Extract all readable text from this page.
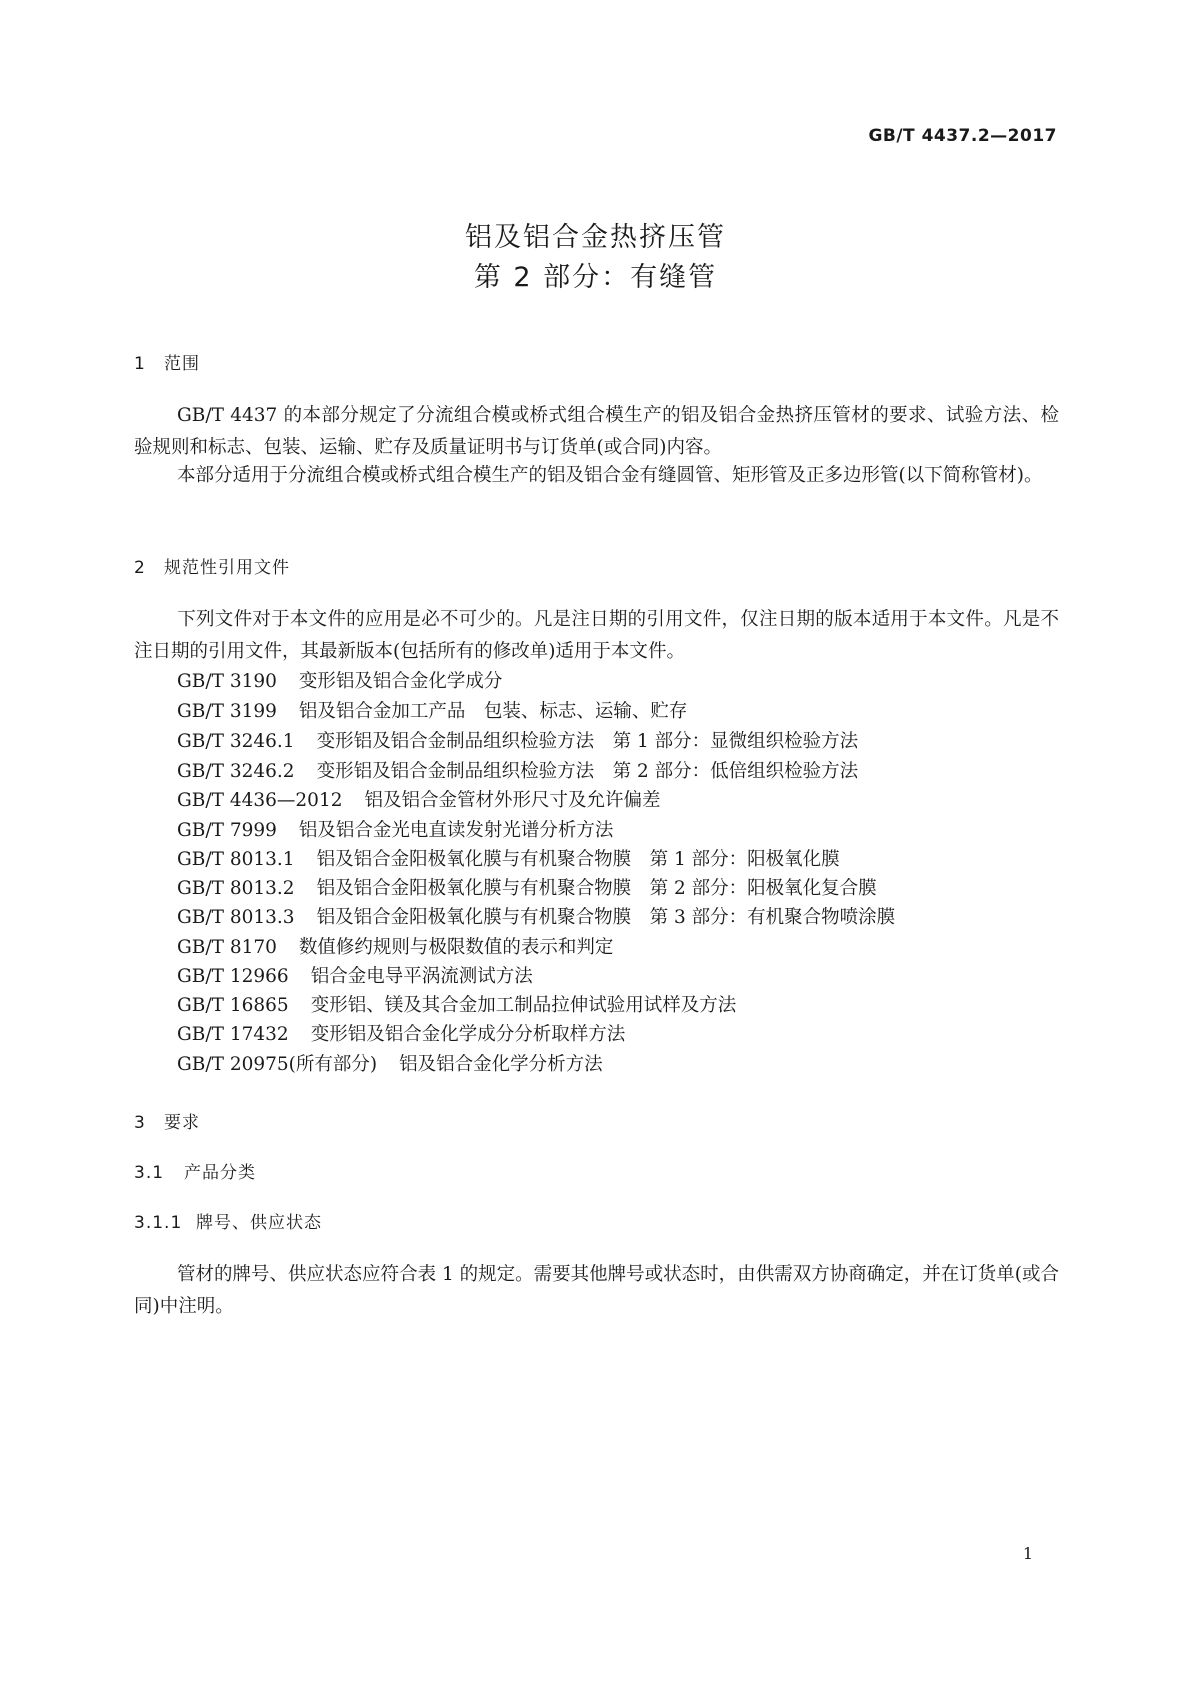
GB/T 4437.2—2017
铝及铝合金热挤压管
第 2 部分：有缝管
1 范围
GB/T 4437 的本部分规定了分流组合模或桥式组合模生产的铝及铝合金热挤压管材的要求、试验方法、检验规则和标志、包装、运输、贮存及质量证明书与订货单(或合同)内容。
本部分适用于分流组合模或桥式组合模生产的铝及铝合金有缝圆管、矩形管及正多边形管(以下简称管材)。
2 规范性引用文件
下列文件对于本文件的应用是必不可少的。凡是注日期的引用文件，仅注日期的版本适用于本文件。凡是不注日期的引用文件，其最新版本(包括所有的修改单)适用于本文件。
GB/T 3190 变形铝及铝合金化学成分
GB/T 3199 铝及铝合金加工产品　包装、标志、运输、贮存
GB/T 3246.1 变形铝及铝合金制品组织检验方法　第 1 部分：显微组织检验方法
GB/T 3246.2 变形铝及铝合金制品组织检验方法　第 2 部分：低倍组织检验方法
GB/T 4436—2012 铝及铝合金管材外形尺寸及允许偏差
GB/T 7999 铝及铝合金光电直读发射光谱分析方法
GB/T 8013.1 铝及铝合金阳极氧化膜与有机聚合物膜　第 1 部分：阳极氧化膜
GB/T 8013.2 铝及铝合金阳极氧化膜与有机聚合物膜　第 2 部分：阳极氧化复合膜
GB/T 8013.3 铝及铝合金阳极氧化膜与有机聚合物膜　第 3 部分：有机聚合物喷涂膜
GB/T 8170 数值修约规则与极限数值的表示和判定
GB/T 12966 铝合金电导平涡流测试方法
GB/T 16865 变形铝、镁及其合金加工制品拉伸试验用试样及方法
GB/T 17432 变形铝及铝合金化学成分分析取样方法
GB/T 20975(所有部分) 铝及铝合金化学分析方法
3 要求
3.1 产品分类
3.1.1 牌号、供应状态
管材的牌号、供应状态应符合表 1 的规定。需要其他牌号或状态时，由供需双方协商确定，并在订货单(或合同)中注明。
1
